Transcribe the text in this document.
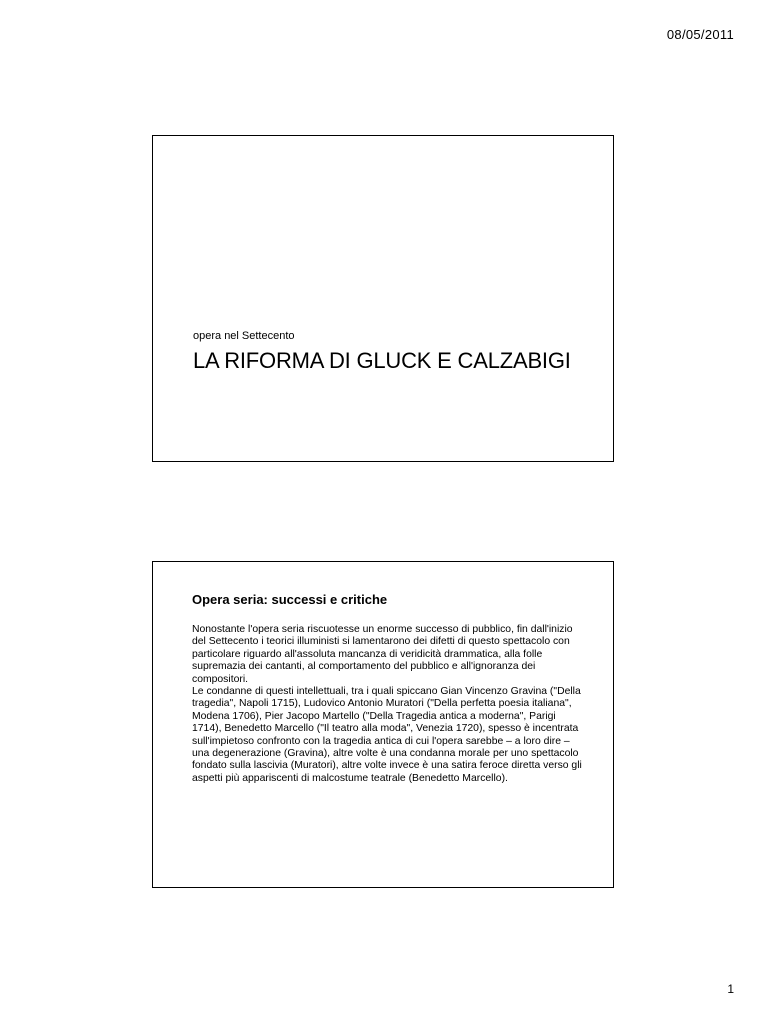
08/05/2011
opera nel Settecento
LA RIFORMA DI GLUCK E CALZABIGI
Opera seria: successi e critiche

Nonostante l'opera seria riscuotesse un enorme successo di pubblico, fin dall'inizio del Settecento i teorici illuministi si lamentarono dei difetti di questo spettacolo con particolare riguardo all'assoluta mancanza di veridicità drammatica, alla folle supremazia dei cantanti, al comportamento del pubblico e all'ignoranza dei compositori.

Le condanne di questi intellettuali, tra i quali spiccano Gian Vincenzo Gravina ("Della tragedia", Napoli 1715), Ludovico Antonio Muratori ("Della perfetta poesia italiana", Modena 1706), Pier Jacopo Martello ("Della Tragedia antica a moderna", Parigi 1714), Benedetto Marcello ("Il teatro alla moda", Venezia 1720), spesso è incentrata sull'impietoso confronto con la tragedia antica di cui l'opera sarebbe – a loro dire – una degenerazione (Gravina), altre volte è una condanna morale per uno spettacolo fondato sulla lascivia (Muratori), altre volte invece è una satira feroce diretta verso gli aspetti più appariscenti di malcostume teatrale (Benedetto Marcello).

1
